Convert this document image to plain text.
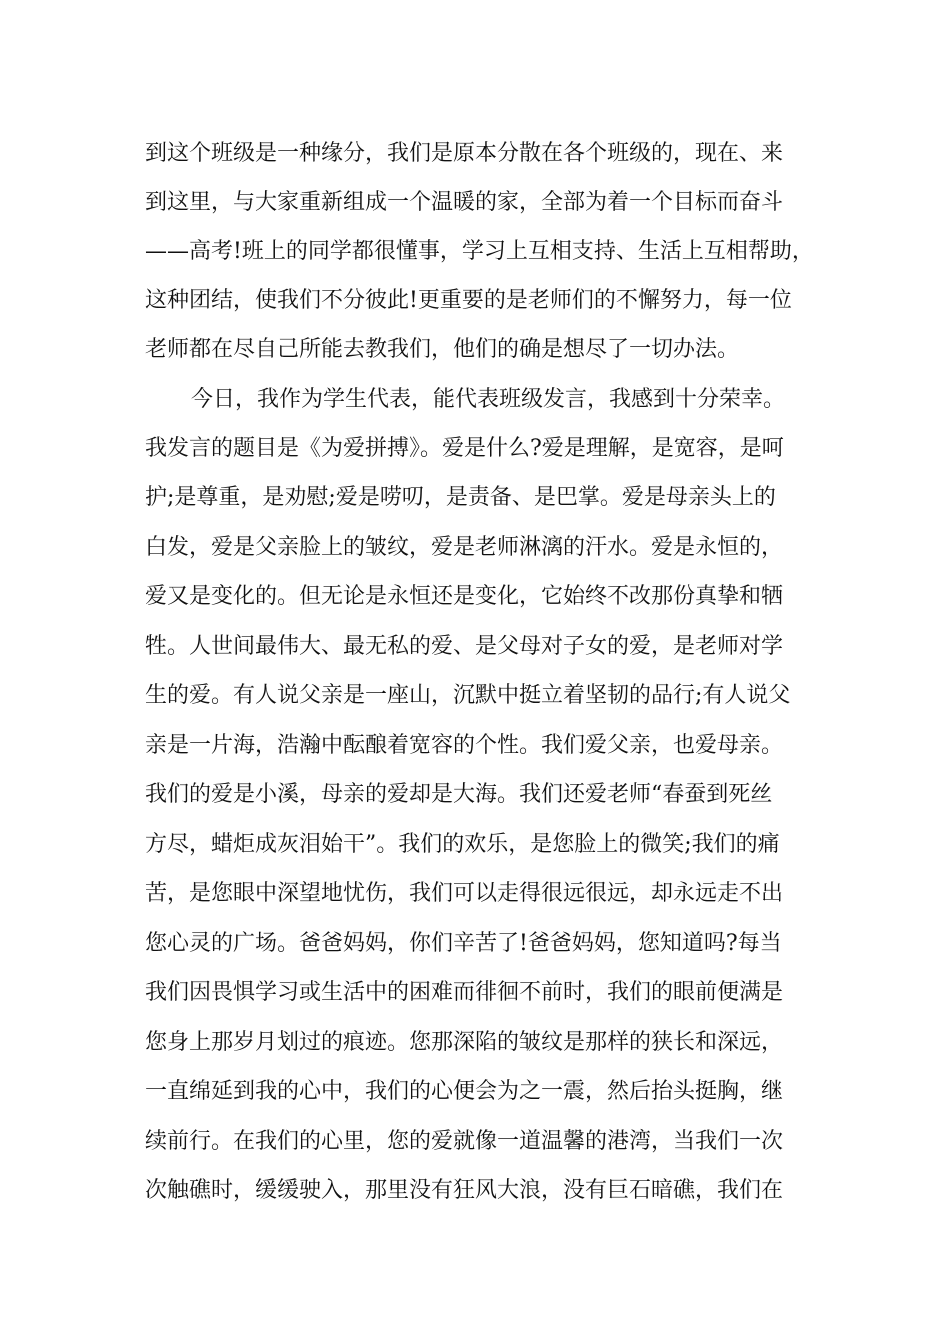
到这个班级是一种缘分，我们是原本分散在各个班级的，现在、来
到这里，与大家重新组成一个温暖的家，全部为着一个目标而奋斗
——高考!班上的同学都很懂事，学习上互相支持、生活上互相帮助，
这种团结，使我们不分彼此!更重要的是老师们的不懈努力，每一位
老师都在尽自己所能去教我们，他们的确是想尽了一切办法。
今日，我作为学生代表，能代表班级发言，我感到十分荣幸。
我发言的题目是《为爱拼搏》。爱是什么?爱是理解，是宽容，是呵
护;是尊重，是劝慰;爱是唠叨，是责备、是巴掌。爱是母亲头上的
白发，爱是父亲脸上的皱纹，爱是老师淋漓的汗水。爱是永恒的，
爱又是变化的。但无论是永恒还是变化，它始终不改那份真挚和牺
牲。人世间最伟大、最无私的爱、是父母对子女的爱，是老师对学
生的爱。有人说父亲是一座山，沉默中挺立着坚韧的品行;有人说父
亲是一片海，浩瀚中酝酿着宽容的个性。我们爱父亲，也爱母亲。
我们的爱是小溪，母亲的爱却是大海。我们还爱老师“春蚕到死丝
方尽，蜡炬成灰泪始干”。我们的欢乐，是您脸上的微笑;我们的痛
苦，是您眼中深望地忧伤，我们可以走得很远很远，却永远走不出
您心灵的广场。爸爸妈妈，你们辛苦了!爸爸妈妈，您知道吗?每当
我们因畏惧学习或生活中的困难而徘徊不前时，我们的眼前便满是
您身上那岁月划过的痕迹。您那深陷的皱纹是那样的狭长和深远，
一直绵延到我的心中，我们的心便会为之一震，然后抬头挺胸，继
续前行。在我们的心里，您的爱就像一道温馨的港湾，当我们一次
次触礁时，缓缓驶入，那里没有狂风大浪，没有巨石暗礁，我们在
